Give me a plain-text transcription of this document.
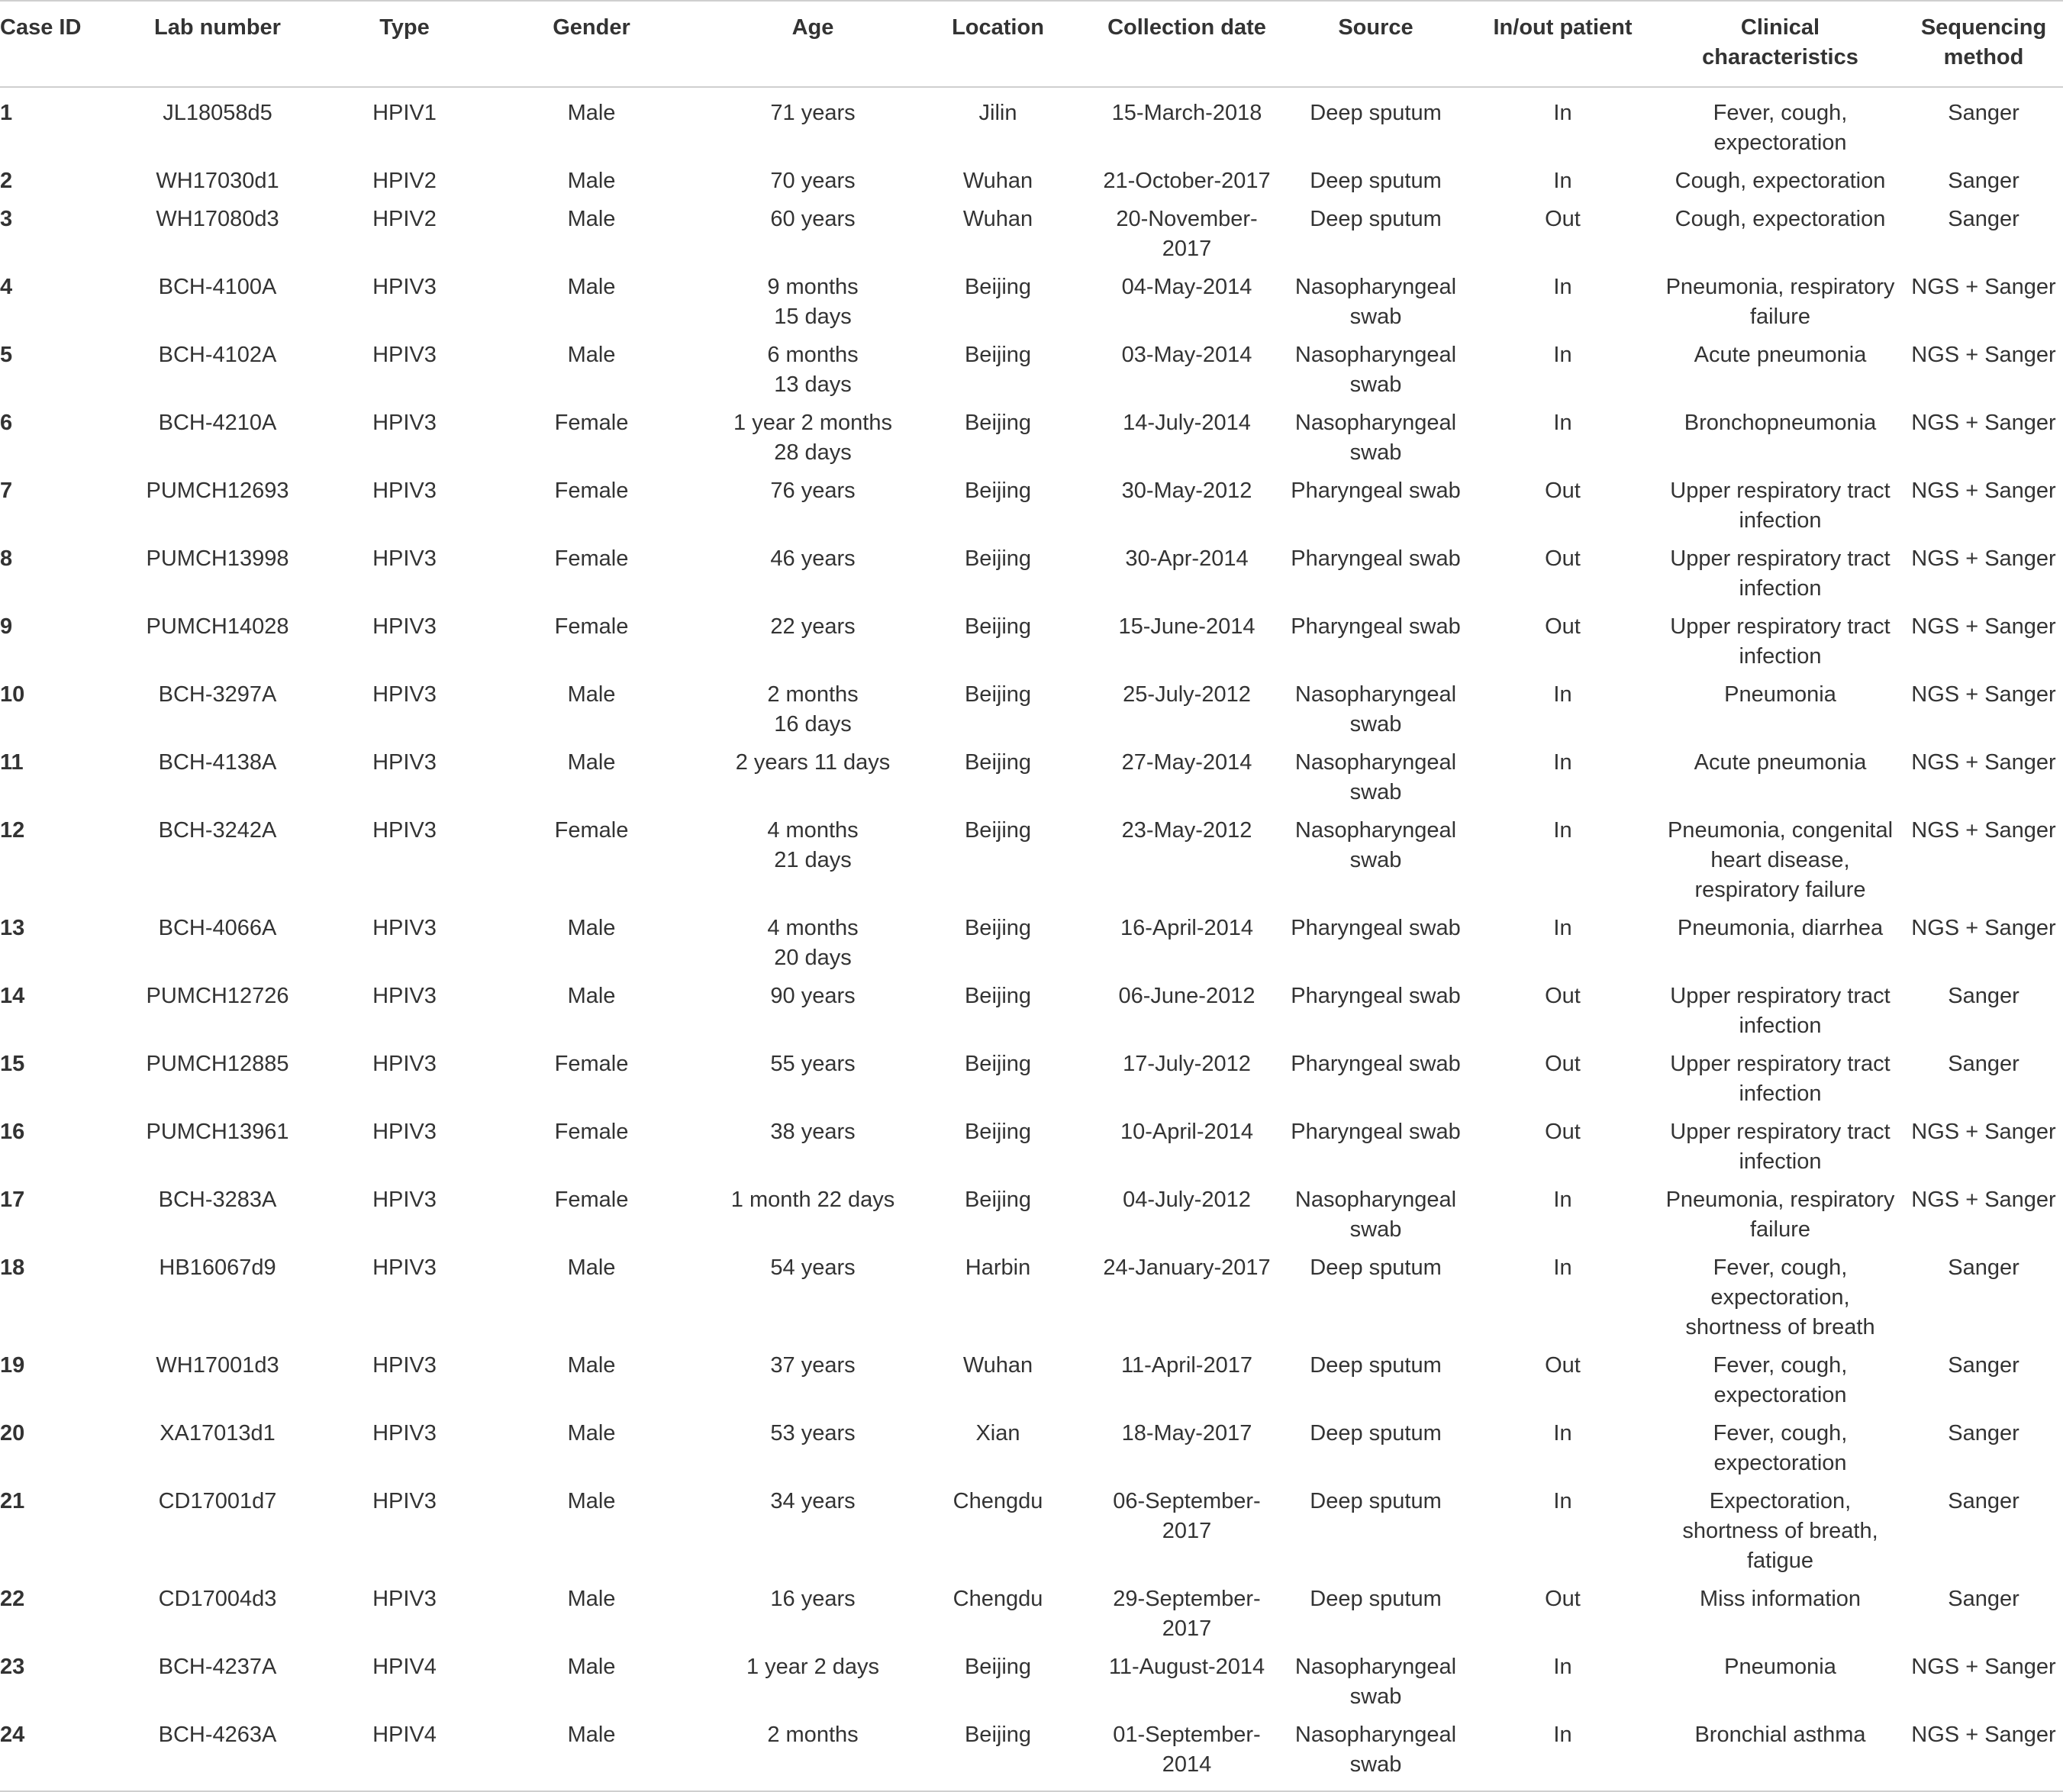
Case ID	Lab number	Type	Gender	Age	Location	Collection date	Source	In/out patient	Clinical
characteristics	Sequencing
method
1	JL18058d5	HPIV1	Male	71 years	Jilin	15-March-2018	Deep sputum	In	Fever, cough,
expectoration	Sanger
2	WH17030d1	HPIV2	Male	70 years	Wuhan	21-October-2017	Deep sputum	In	Cough, expectoration	Sanger
3	WH17080d3	HPIV2	Male	60 years	Wuhan	20-November-
2017	Deep sputum	Out	Cough, expectoration	Sanger
4	BCH-4100A	HPIV3	Male	9 months
15 days	Beijing	04-May-2014	Nasopharyngeal
swab	In	Pneumonia, respiratory
failure	NGS + Sanger
5	BCH-4102A	HPIV3	Male	6 months
13 days	Beijing	03-May-2014	Nasopharyngeal
swab	In	Acute pneumonia	NGS + Sanger
6	BCH-4210A	HPIV3	Female	1 year 2 months
28 days	Beijing	14-July-2014	Nasopharyngeal
swab	In	Bronchopneumonia	NGS + Sanger
7	PUMCH12693	HPIV3	Female	76 years	Beijing	30-May-2012	Pharyngeal swab	Out	Upper respiratory tract
infection	NGS + Sanger
8	PUMCH13998	HPIV3	Female	46 years	Beijing	30-Apr-2014	Pharyngeal swab	Out	Upper respiratory tract
infection	NGS + Sanger
9	PUMCH14028	HPIV3	Female	22 years	Beijing	15-June-2014	Pharyngeal swab	Out	Upper respiratory tract
infection	NGS + Sanger
10	BCH-3297A	HPIV3	Male	2 months
16 days	Beijing	25-July-2012	Nasopharyngeal
swab	In	Pneumonia	NGS + Sanger
11	BCH-4138A	HPIV3	Male	2 years 11 days	Beijing	27-May-2014	Nasopharyngeal
swab	In	Acute pneumonia	NGS + Sanger
12	BCH-3242A	HPIV3	Female	4 months
21 days	Beijing	23-May-2012	Nasopharyngeal
swab	In	Pneumonia, congenital
heart disease,
respiratory failure	NGS + Sanger
13	BCH-4066A	HPIV3	Male	4 months
20 days	Beijing	16-April-2014	Pharyngeal swab	In	Pneumonia, diarrhea	NGS + Sanger
14	PUMCH12726	HPIV3	Male	90 years	Beijing	06-June-2012	Pharyngeal swab	Out	Upper respiratory tract
infection	Sanger
15	PUMCH12885	HPIV3	Female	55 years	Beijing	17-July-2012	Pharyngeal swab	Out	Upper respiratory tract
infection	Sanger
16	PUMCH13961	HPIV3	Female	38 years	Beijing	10-April-2014	Pharyngeal swab	Out	Upper respiratory tract
infection	NGS + Sanger
17	BCH-3283A	HPIV3	Female	1 month 22 days	Beijing	04-July-2012	Nasopharyngeal
swab	In	Pneumonia, respiratory
failure	NGS + Sanger
18	HB16067d9	HPIV3	Male	54 years	Harbin	24-January-2017	Deep sputum	In	Fever, cough,
expectoration,
shortness of breath	Sanger
19	WH17001d3	HPIV3	Male	37 years	Wuhan	11-April-2017	Deep sputum	Out	Fever, cough,
expectoration	Sanger
20	XA17013d1	HPIV3	Male	53 years	Xian	18-May-2017	Deep sputum	In	Fever, cough,
expectoration	Sanger
21	CD17001d7	HPIV3	Male	34 years	Chengdu	06-September-
2017	Deep sputum	In	Expectoration,
shortness of breath,
fatigue	Sanger
22	CD17004d3	HPIV3	Male	16 years	Chengdu	29-September-
2017	Deep sputum	Out	Miss information	Sanger
23	BCH-4237A	HPIV4	Male	1 year 2 days	Beijing	11-August-2014	Nasopharyngeal
swab	In	Pneumonia	NGS + Sanger
24	BCH-4263A	HPIV4	Male	2 months	Beijing	01-September-
2014	Nasopharyngeal
swab	In	Bronchial asthma	NGS + Sanger
